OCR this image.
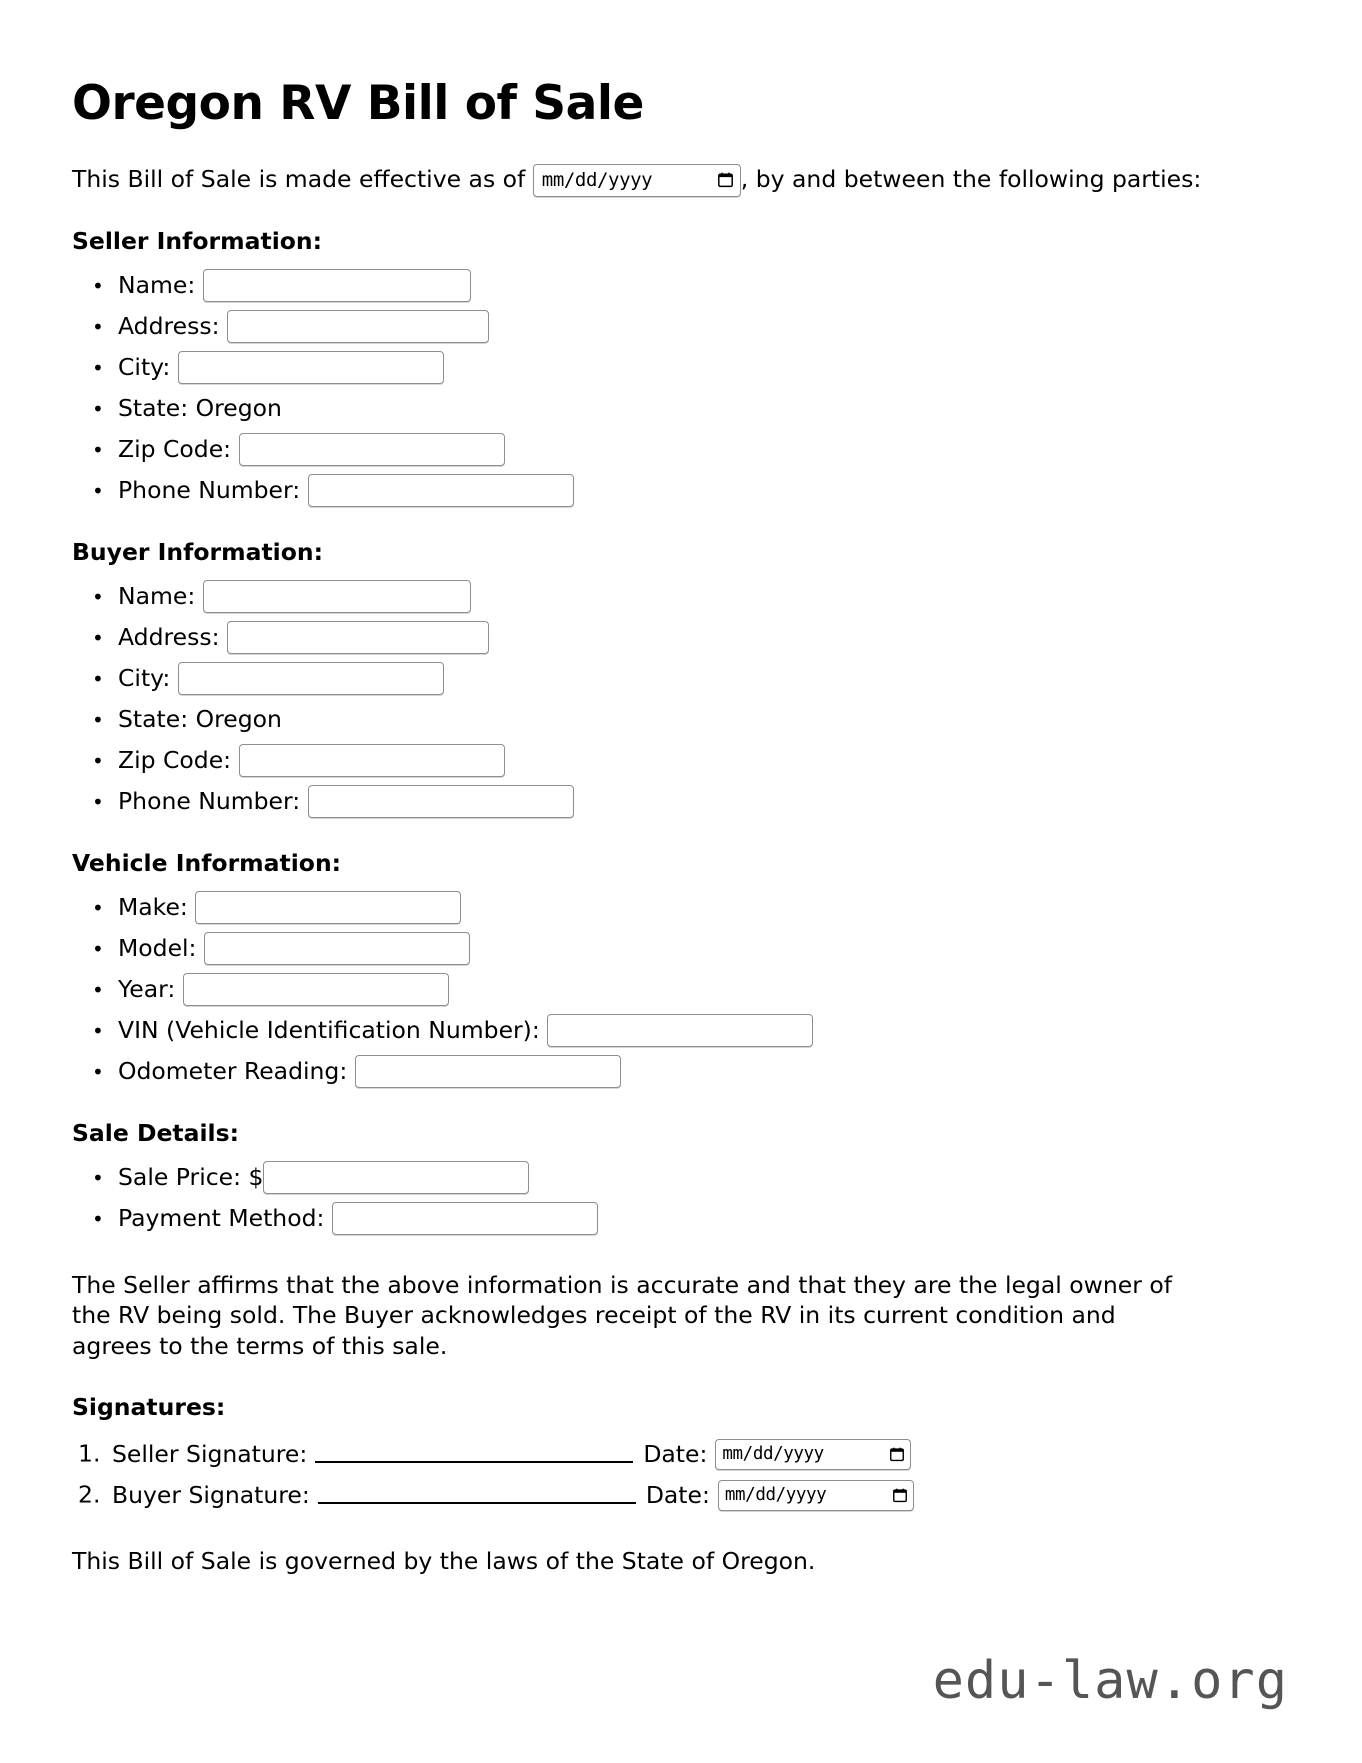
Oregon RV Bill of Sale

This Bill of Sale is made effective as of mm/dd/yyyy	, by and between the following parties:

Seller Information:
• Name:

• Address:

• City:

• State: Oregon
• Zip Code:

• Phone Number:

Buyer Information:
• Name:

• Address:

• City:

• State: Oregon
• Zip Code:

• Phone Number:

Vehicle Information:
• Make:

• Model:

• Year:

• VIN (Vehicle Identification Number):

• Odometer Reading:

Sale Details:
• Sale Price: $
• Payment Method:

The Seller affirms that the above information is accurate and that they are the legal owner of the RV being sold. The Buyer acknowledges receipt of the RV in its current condition and agrees to the terms of this sale.

Signatures:
Seller Signature:	Date: mm/dd/yyyy
Buyer Signature:	Date: mm/dd/yyyy

This Bill of Sale is governed by the laws of the State of Oregon.

edu-law.org
